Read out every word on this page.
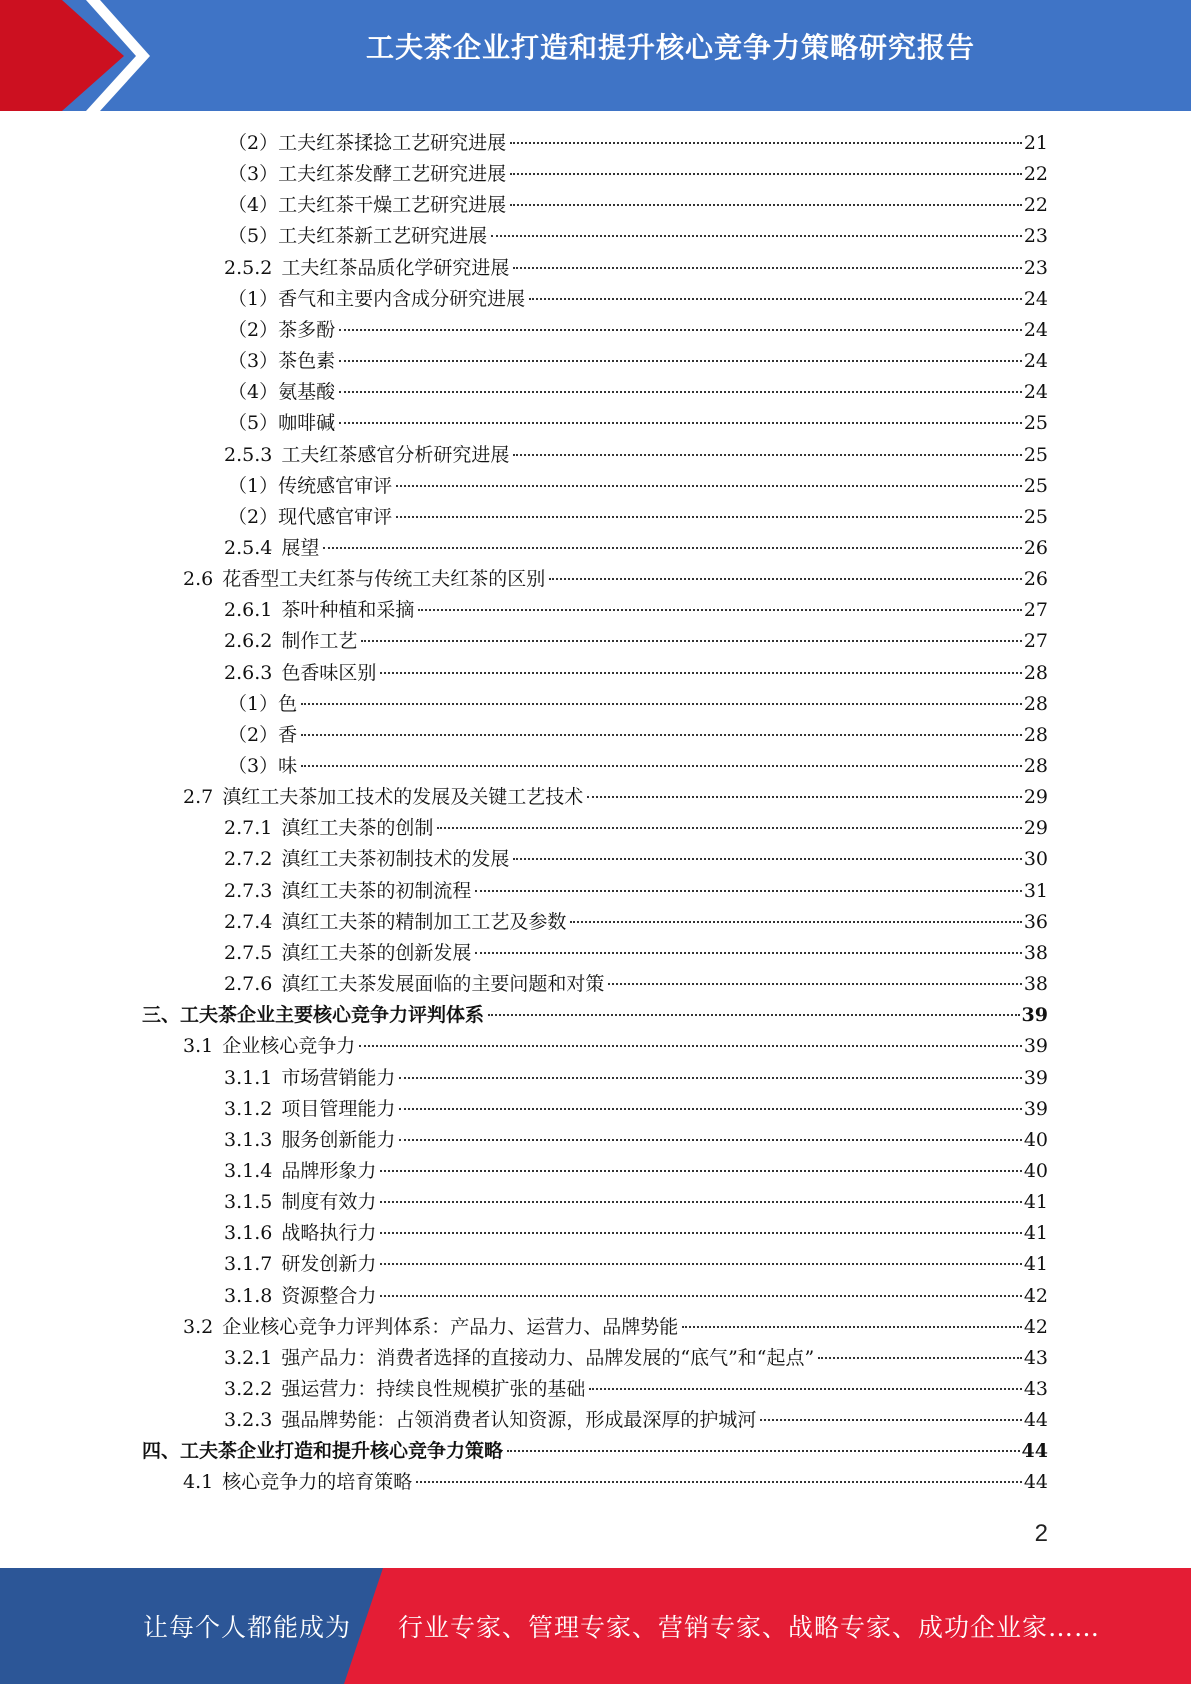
工夫茶企业打造和提升核心竞争力策略研究报告
（2） 工夫红茶揉捻工艺研究进展	21
（3） 工夫红茶发酵工艺研究进展	22
（4） 工夫红茶干燥工艺研究进展	22
（5） 工夫红茶新工艺研究进展	23
2.5.2 工夫红茶品质化学研究进展	23
（1） 香气和主要内含成分研究进展	24
（2） 茶多酚	24
（3） 茶色素	24
（4） 氨基酸	24
（5） 咖啡碱	25
2.5.3 工夫红茶感官分析研究进展	25
（1） 传统感官审评	25
（2） 现代感官审评	25
2.5.4 展望	26
2.6 花香型工夫红茶与传统工夫红茶的区别	26
2.6.1 茶叶种植和采摘	27
2.6.2 制作工艺	27
2.6.3 色香味区别	28
（1） 色	28
（2） 香	28
（3） 味	28
2.7 滇红工夫茶加工技术的发展及关键工艺技术	29
2.7.1 滇红工夫茶的创制	29
2.7.2 滇红工夫茶初制技术的发展	30
2.7.3 滇红工夫茶的初制流程	31
2.7.4 滇红工夫茶的精制加工工艺及参数	36
2.7.5 滇红工夫茶的创新发展	38
2.7.6 滇红工夫茶发展面临的主要问题和对策	38
三、工夫茶企业主要核心竞争力评判体系	39
3.1 企业核心竞争力	39
3.1.1 市场营销能力	39
3.1.2 项目管理能力	39
3.1.3 服务创新能力	40
3.1.4 品牌形象力	40
3.1.5 制度有效力	41
3.1.6 战略执行力	41
3.1.7 研发创新力	41
3.1.8 资源整合力	42
3.2 企业核心竞争力评判体系：产品力、运营力、品牌势能	42
3.2.1 强产品力：消费者选择的直接动力、品牌发展的“底气”和“起点”	43
3.2.2 强运营力：持续良性规模扩张的基础	43
3.2.3 强品牌势能：占领消费者认知资源，形成最深厚的护城河	44
四、工夫茶企业打造和提升核心竞争力策略	44
4.1 核心竞争力的培育策略	44
2
让每个人都能成为 行业专家、管理专家、营销专家、战略专家、成功企业家……
